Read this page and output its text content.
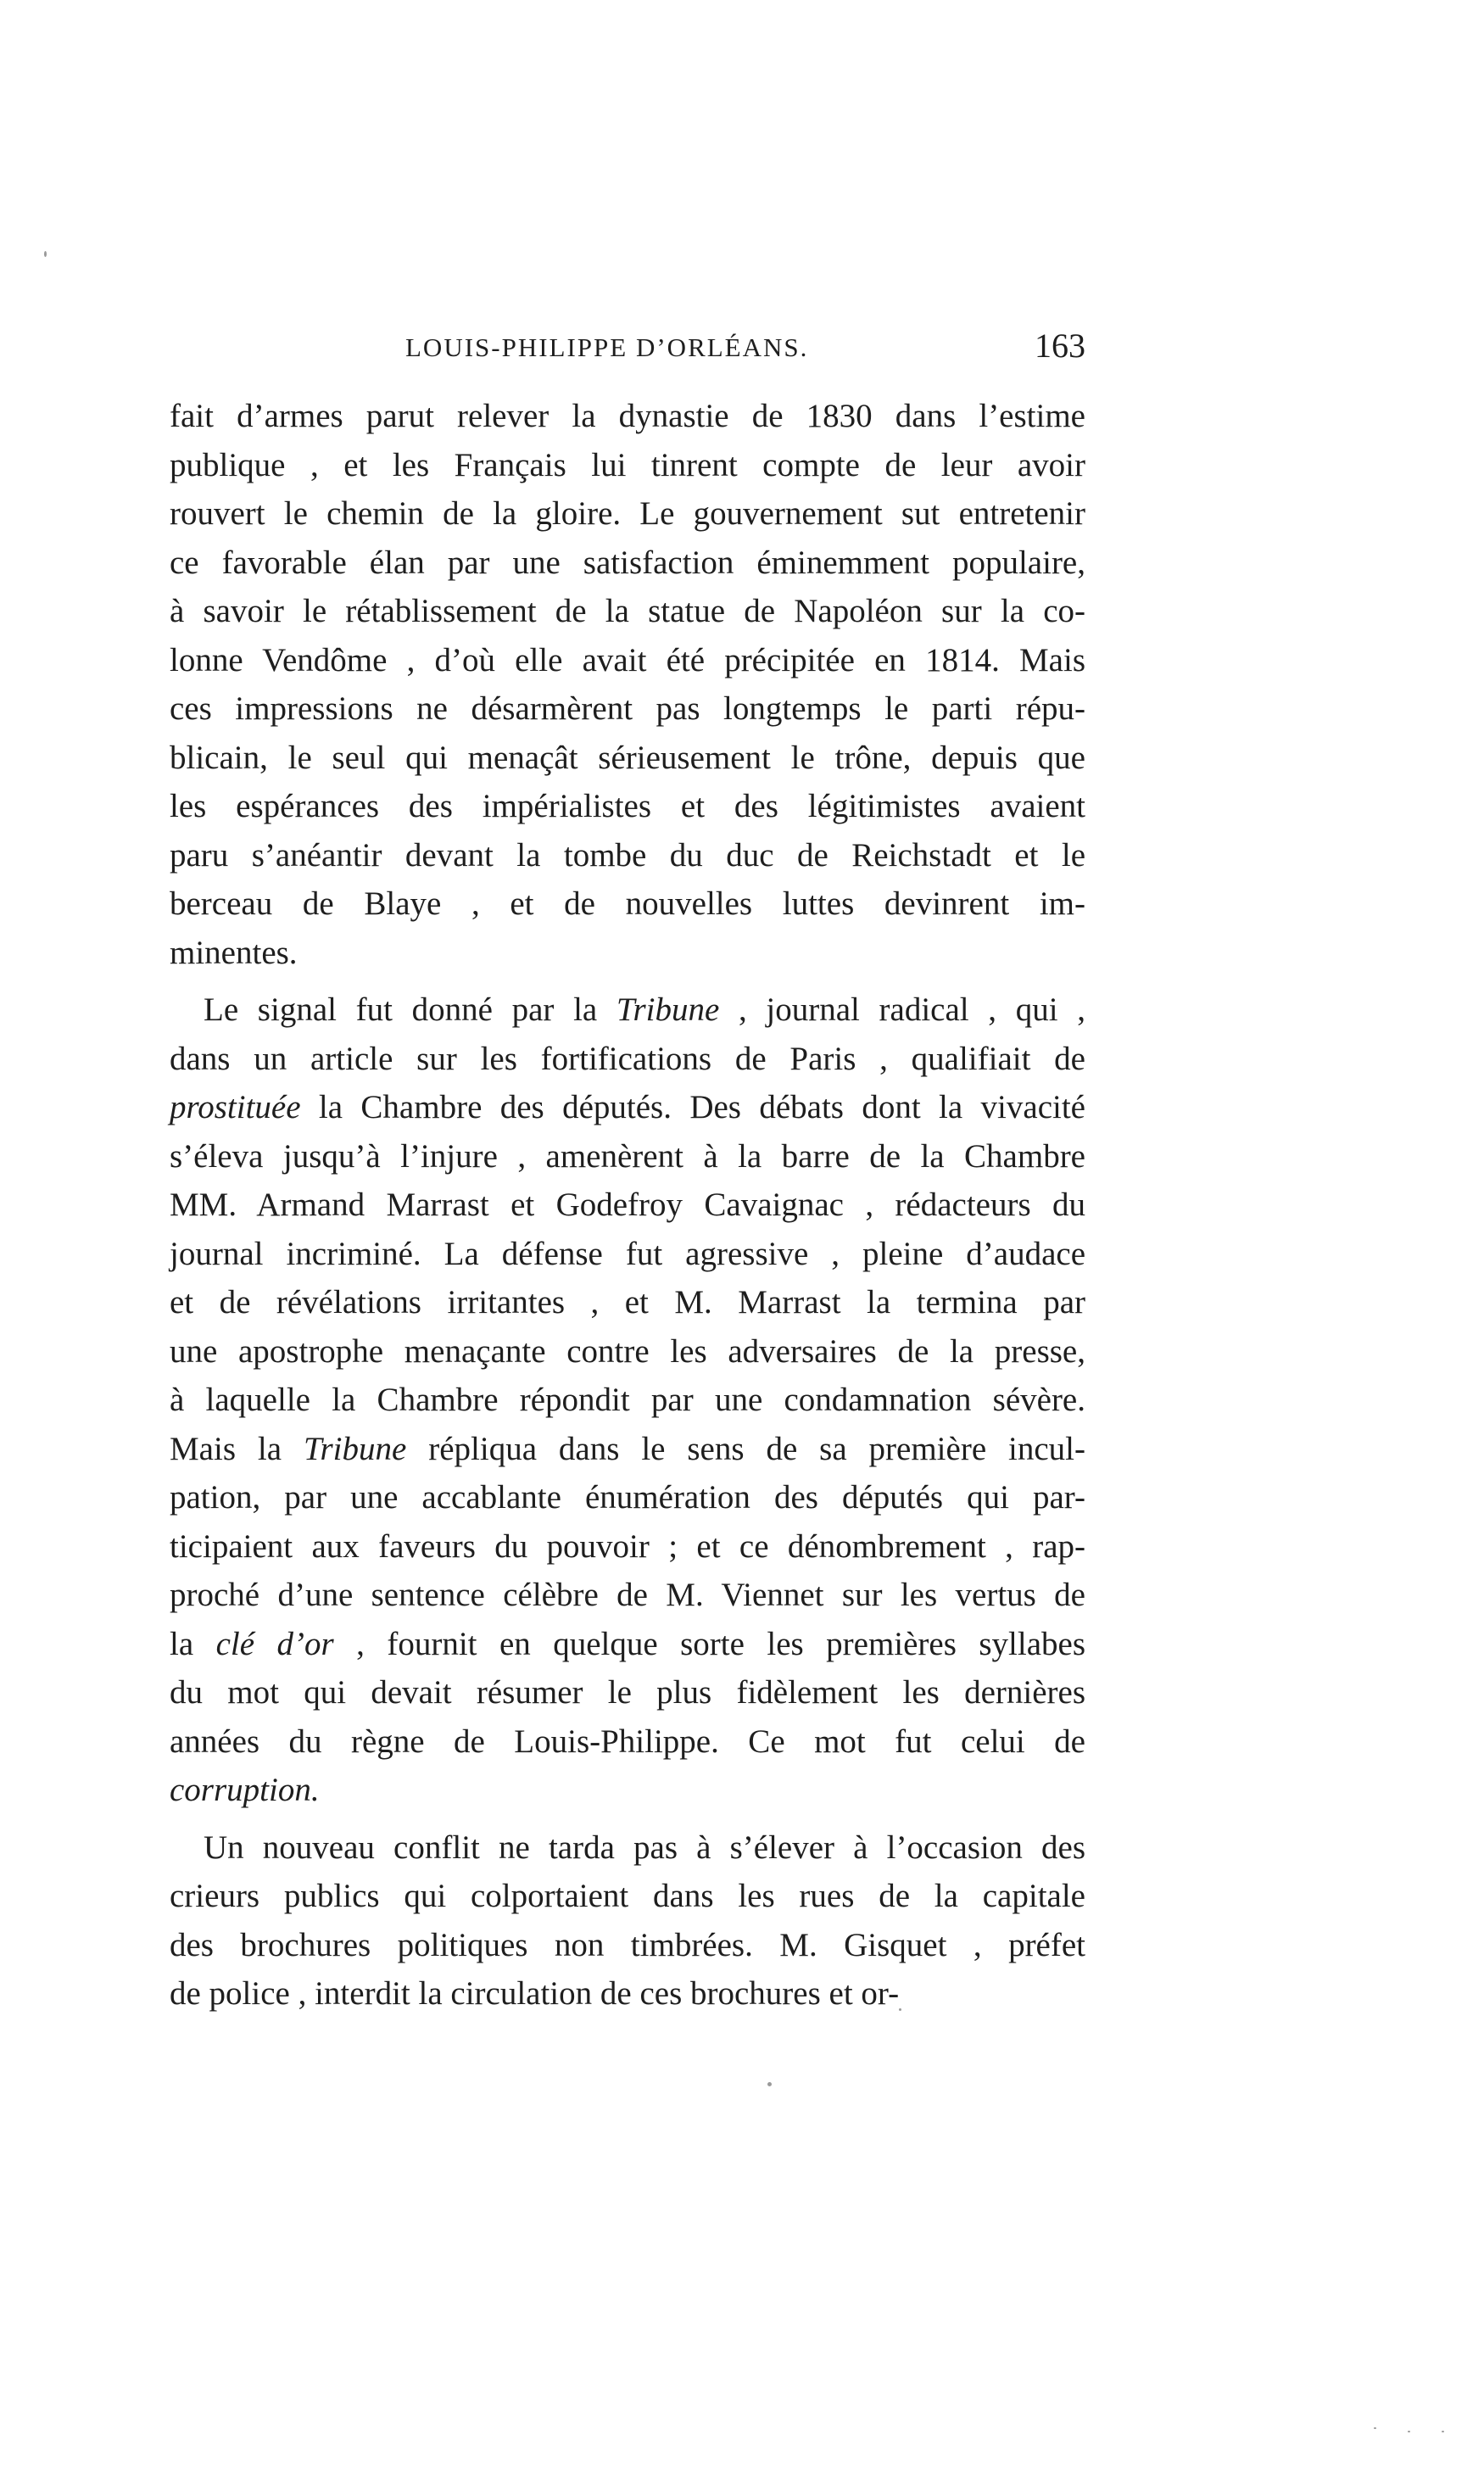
LOUIS-PHILIPPE D’ORLÉANS.	163
fait d’armes parut relever la dynastie de 1830 dans l’estime
publique , et les Français lui tinrent compte de leur avoir
rouvert le chemin de la gloire. Le gouvernement sut entretenir
ce favorable élan par une satisfaction éminemment populaire,
à savoir le rétablissement de la statue de Napoléon sur la co-
lonne Vendôme , d’où elle avait été précipitée en 1814. Mais
ces impressions ne désarmèrent pas longtemps le parti répu-
blicain, le seul qui menaçât sérieusement le trône, depuis que
les espérances des impérialistes et des légitimistes avaient
paru s’anéantir devant la tombe du duc de Reichstadt et le
berceau de Blaye , et de nouvelles luttes devinrent im-
minentes.
Le signal fut donné par la Tribune , journal radical , qui ,
dans un article sur les fortifications de Paris , qualifiait de
prostituée la Chambre des députés. Des débats dont la vivacité
s’éleva jusqu’à l’injure , amenèrent à la barre de la Chambre
MM. Armand Marrast et Godefroy Cavaignac , rédacteurs du
journal incriminé. La défense fut agressive , pleine d’audace
et de révélations irritantes , et M. Marrast la termina par
une apostrophe menaçante contre les adversaires de la presse,
à laquelle la Chambre répondit par une condamnation sévère.
Mais la Tribune répliqua dans le sens de sa première incul-
pation, par une accablante énumération des députés qui par-
ticipaient aux faveurs du pouvoir ; et ce dénombrement , rap-
proché d’une sentence célèbre de M. Viennet sur les vertus de
la clé d’or , fournit en quelque sorte les premières syllabes
du mot qui devait résumer le plus fidèlement les dernières
années du règne de Louis-Philippe. Ce mot fut celui de
corruption.
Un nouveau conflit ne tarda pas à s’élever à l’occasion des
crieurs publics qui colportaient dans les rues de la capitale
des brochures politiques non timbrées. M. Gisquet , préfet
de police , interdit la circulation de ces brochures et or-
